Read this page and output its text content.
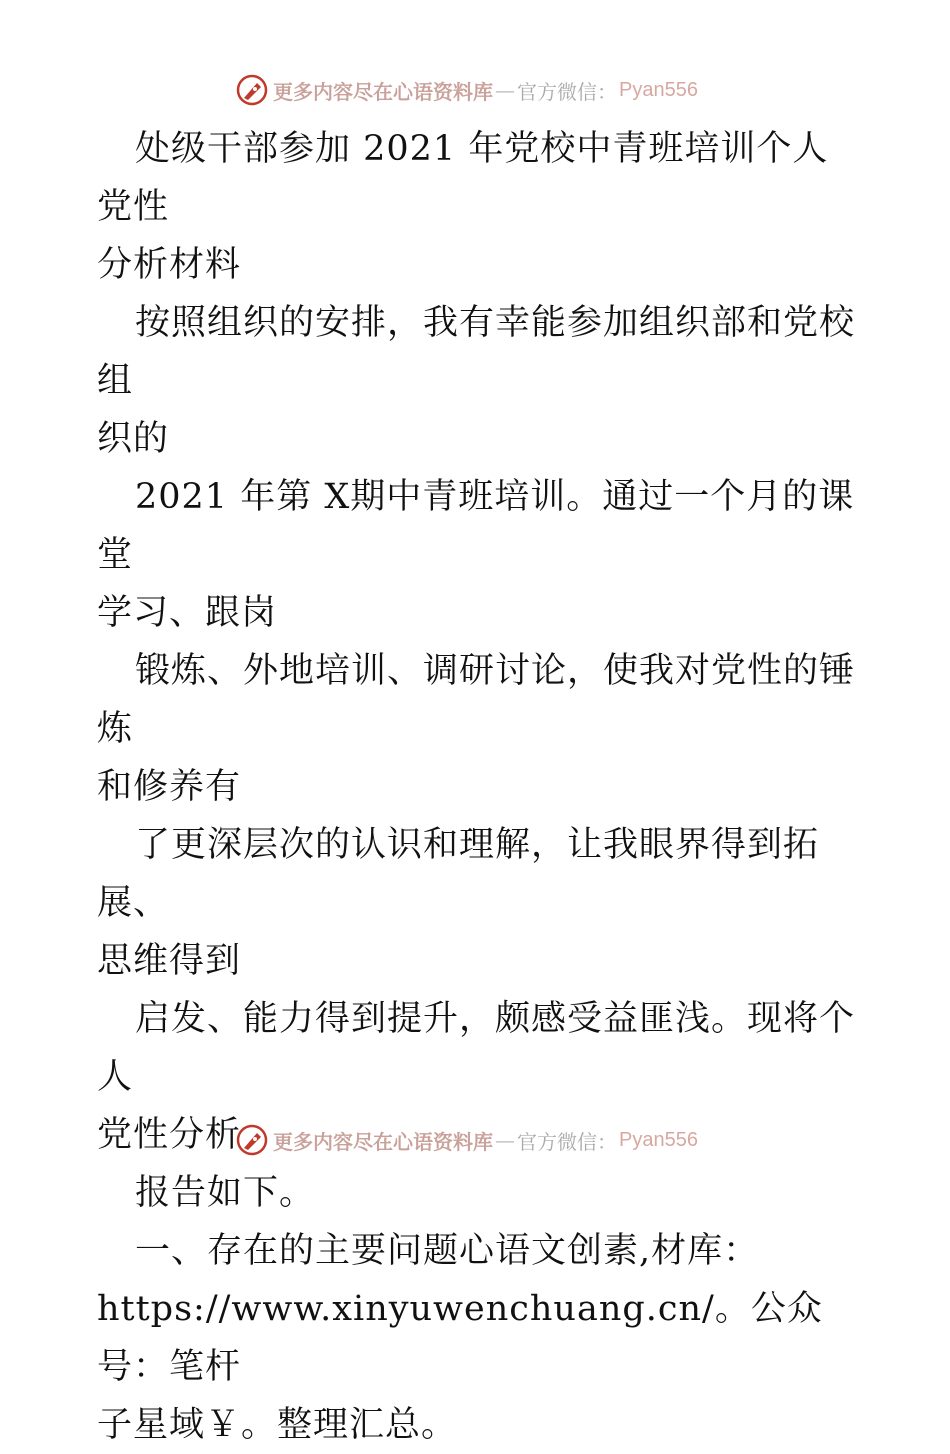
更多内容尽在心语资料库 — 官方微信： Pyan556

处级干部参加 2021 年党校中青班培训个人党性
分析材料

按照组织的安排，我有幸能参加组织部和党校组
织的

2021 年第 X期中青班培训。通过一个月的课堂
学习、跟岗

锻炼、外地培训、调研讨论，使我对党性的锤炼
和修养有

了更深层次的认识和理解，让我眼界得到拓展、
思维得到

启发、能力得到提升，颇感受益匪浅。现将个人
党性分析

报告如下。

一、存在的主要问题心语文创素,材库：
https://www.xinyuwenchuang.cn/。公众号：笔杆
子星域￥。整理汇总。

更多内容尽在心语资料库 — 官方微信： Pyan556
